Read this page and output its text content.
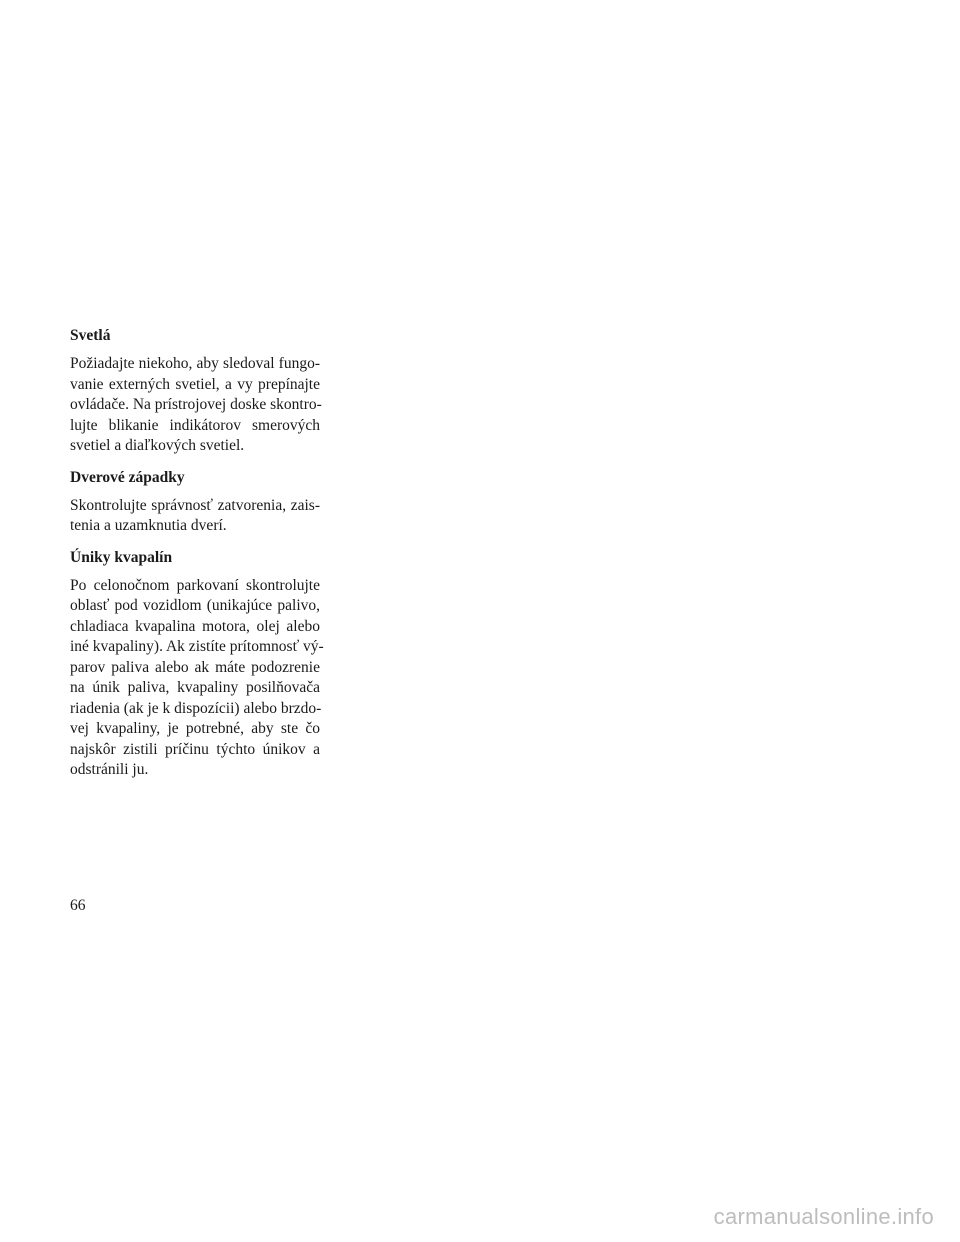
Svetlá
Požiadajte niekoho, aby sledoval fungo-
vanie externých svetiel, a vy prepínajte
ovládače. Na prístrojovej doske skontro-
lujte blikanie indikátorov smerových
svetiel a diaľkových svetiel.
Dverové západky
Skontrolujte správnosť zatvorenia, zais-
tenia a uzamknutia dverí.
Úniky kvapalín
Po celonočnom parkovaní skontrolujte
oblasť pod vozidlom (unikajúce palivo,
chladiaca kvapalina motora, olej alebo
iné kvapaliny). Ak zistíte prítomnosť vý-
parov paliva alebo ak máte podozrenie
na únik paliva, kvapaliny posilňovača
riadenia (ak je k dispozícii) alebo brzdo-
vej kvapaliny, je potrebné, aby ste čo
najskôr zistili príčinu týchto únikov a
odstránili ju.
66
carmanualsonline.info
